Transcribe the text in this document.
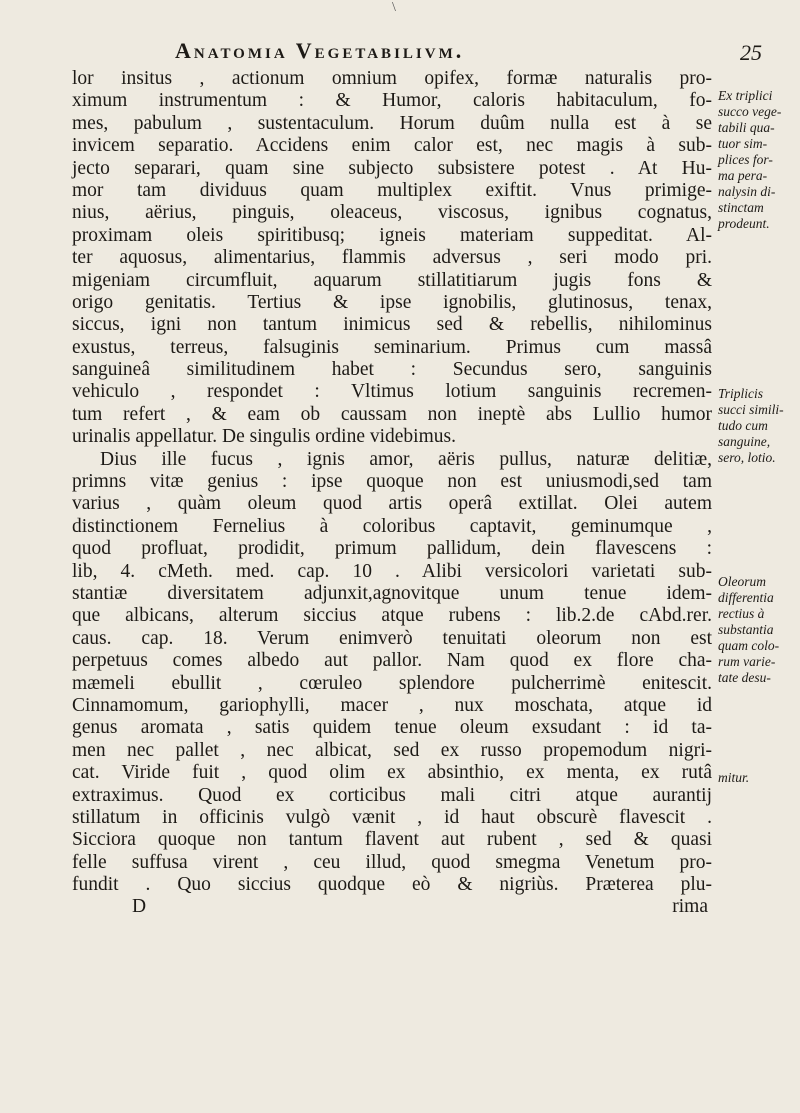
\
Anatomia Vegetabilivm.	25
lor insitus , actionum omnium opifex, formæ naturalis pro-
ximum instrumentum : & Humor, caloris habitaculum, fo-
mes, pabulum , sustentaculum. Horum duûm nulla est à se
invicem separatio. Accidens enim calor est, nec magis à sub-
jecto separari, quam sine subjecto subsistere potest . At Hu-
mor tam dividuus quam multiplex exiftit. Vnus primige-
nius, aërius, pinguis, oleaceus, viscosus, ignibus cognatus,
proximam oleis spiritibusq; igneis materiam suppeditat. Al-
ter aquosus, alimentarius, flammis adversus , seri modo pri.
migeniam circumfluit, aquarum stillatitiarum jugis fons &
origo genitatis. Tertius & ipse ignobilis, glutinosus, tenax,
siccus, igni non tantum inimicus sed & rebellis, nihilominus
exustus, terreus, falsuginis seminarium. Primus cum massâ
sanguineâ similitudinem habet : Secundus sero, sanguinis
vehiculo , respondet : Vltimus lotium sanguinis recremen-
tum refert , & eam ob caussam non ineptè abs Lullio humor
urinalis appellatur. De singulis ordine videbimus.
Dius ille fucus , ignis amor, aëris pullus, naturæ delitiæ,
primns vitæ genius : ipse quoque non est uniusmodi,sed tam
varius , quàm oleum quod artis operâ extillat. Olei autem
distinctionem Fernelius à coloribus captavit, geminumque ,
quod profluat, prodidit, primum pallidum, dein flavescens :
lib, 4. cMeth. med. cap. 10 . Alibi versicolori varietati sub-
stantiæ diversitatem adjunxit,agnovitque unum tenue idem-
que albicans, alterum siccius atque rubens : lib.2.de cAbd.rer.
caus. cap. 18. Verum enimverò tenuitati oleorum non est
perpetuus comes albedo aut pallor. Nam quod ex flore cha-
mæmeli ebullit , cœruleo splendore pulcherrimè enitescit.
Cinnamomum, gariophylli, macer , nux moschata, atque id
genus aromata , satis quidem tenue oleum exsudant : id ta-
men nec pallet , nec albicat, sed ex russo propemodum nigri-
cat. Viride fuit , quod olim ex absinthio, ex menta, ex rutâ
extraximus. Quod ex corticibus mali citri atque aurantij
stillatum in officinis vulgò vænit , id haut obscurè flavescit .
Sicciora quoque non tantum flavent aut rubent , sed & quasi
felle suffusa virent , ceu illud, quod smegma Venetum pro-
fundit . Quo siccius quodque eò & nigriùs. Præterea plu-
D	rima
Ex triplici
succo vege-
tabili qua-
tuor sim-
plices for-
ma pera-
nalysin di-
stinctam
prodeunt.
Triplicis
succi simili-
tudo cum
sanguine,
sero, lotio.
Oleorum
differentia
rectius à
substantia
quam colo-
rum varie-
tate desu-
mitur.
